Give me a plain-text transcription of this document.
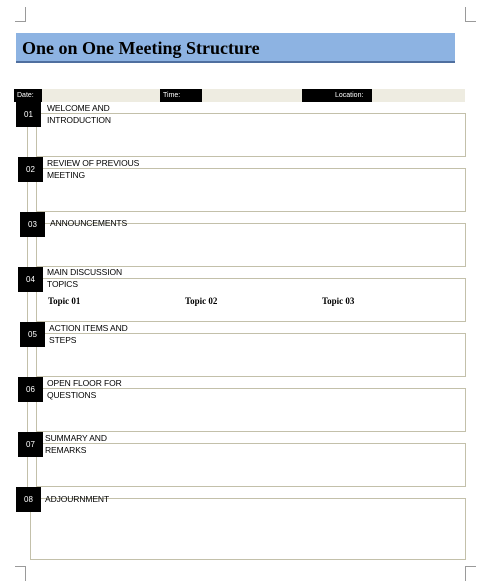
One on One Meeting Structure
Date:	Time:	Location:
01
WELCOME AND INTRODUCTION
02
REVIEW OF PREVIOUS MEETING
03	ANNOUNCEMENTS
04
MAIN DISCUSSION TOPICS
Topic 01	Topic 02	Topic 03
05
ACTION ITEMS AND STEPS
06
OPEN FLOOR FOR QUESTIONS
07
SUMMARY AND REMARKS
08	ADJOURNMENT
